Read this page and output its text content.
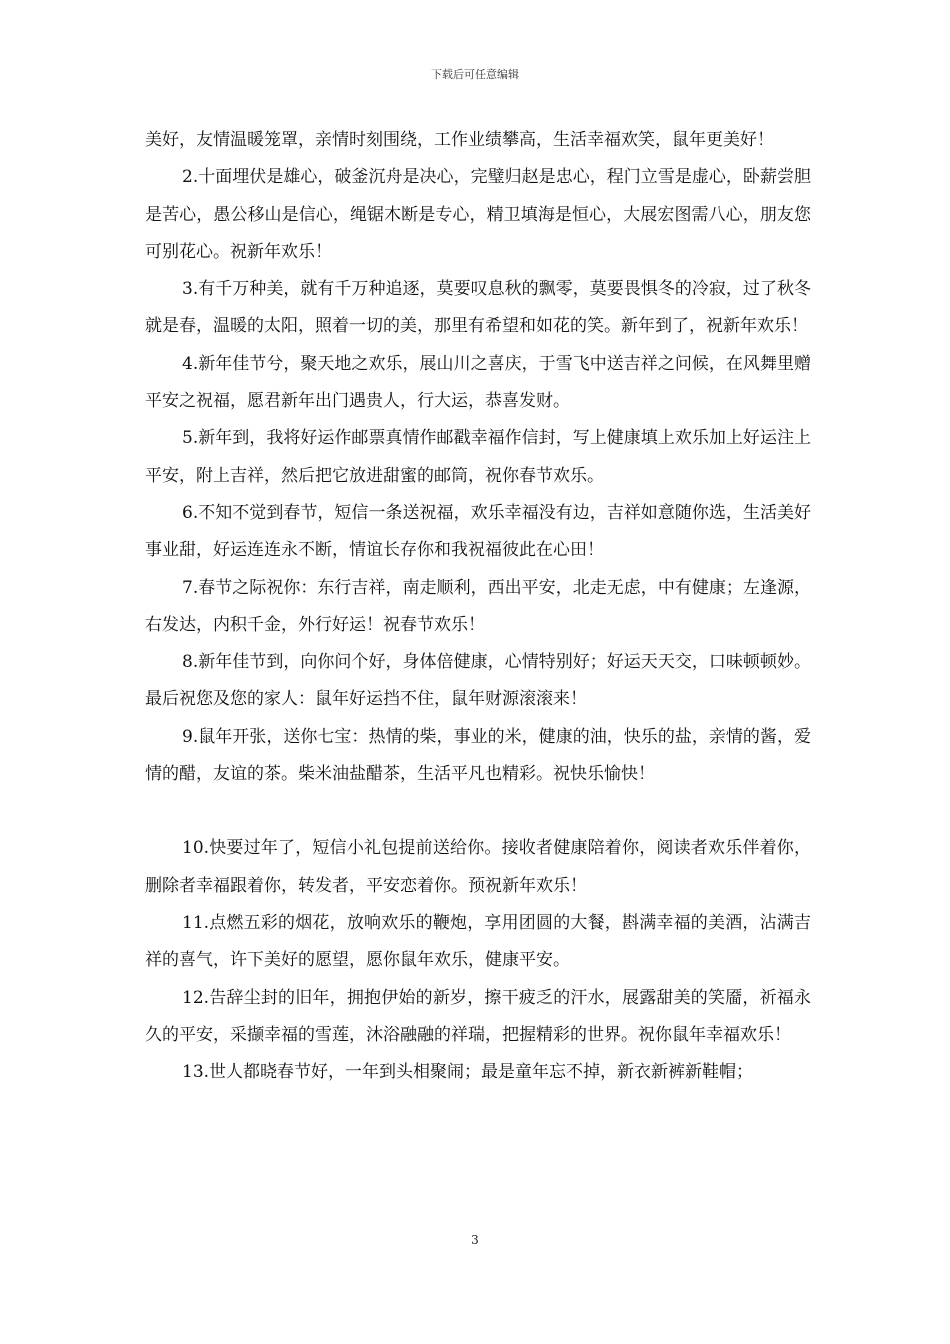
下载后可任意编辑

美好，友情温暖笼罩，亲情时刻围绕，工作业绩攀高，生活幸福欢笑，鼠年更美好！

2.十面埋伏是雄心，破釜沉舟是决心，完璧归赵是忠心，程门立雪是虚心，卧薪尝胆是苦心，愚公移山是信心，绳锯木断是专心，精卫填海是恒心，大展宏图需八心，朋友您可别花心。祝新年欢乐！

3.有千万种美，就有千万种追逐，莫要叹息秋的飘零，莫要畏惧冬的冷寂，过了秋冬就是春，温暖的太阳，照着一切的美，那里有希望和如花的笑。新年到了，祝新年欢乐！

4.新年佳节兮，聚天地之欢乐，展山川之喜庆，于雪飞中送吉祥之问候，在风舞里赠平安之祝福，愿君新年出门遇贵人，行大运，恭喜发财。

5.新年到，我将好运作邮票真情作邮戳幸福作信封，写上健康填上欢乐加上好运注上平安，附上吉祥，然后把它放进甜蜜的邮筒，祝你春节欢乐。

6.不知不觉到春节，短信一条送祝福，欢乐幸福没有边，吉祥如意随你选，生活美好事业甜，好运连连永不断，情谊长存你和我祝福彼此在心田！

7.春节之际祝你：东行吉祥，南走顺利，西出平安，北走无虑，中有健康；左逢源，右发达，内积千金，外行好运！祝春节欢乐！

8.新年佳节到，向你问个好，身体倍健康，心情特别好；好运天天交，口味顿顿妙。最后祝您及您的家人：鼠年好运挡不住，鼠年财源滚滚来！

9.鼠年开张，送你七宝：热情的柴，事业的米，健康的油，快乐的盐，亲情的酱，爱情的醋，友谊的茶。柴米油盐醋茶，生活平凡也精彩。祝快乐愉快！

10.快要过年了，短信小礼包提前送给你。接收者健康陪着你，阅读者欢乐伴着你，删除者幸福跟着你，转发者，平安恋着你。预祝新年欢乐！

11.点燃五彩的烟花，放响欢乐的鞭炮，享用团圆的大餐，斟满幸福的美酒，沾满吉祥的喜气，许下美好的愿望，愿你鼠年欢乐，健康平安。

12.告辞尘封的旧年，拥抱伊始的新岁，擦干疲乏的汗水，展露甜美的笑靥，祈福永久的平安，采撷幸福的雪莲，沐浴融融的祥瑞，把握精彩的世界。祝你鼠年幸福欢乐！

13.世人都晓春节好，一年到头相聚闹；最是童年忘不掉，新衣新裤新鞋帽；

3
